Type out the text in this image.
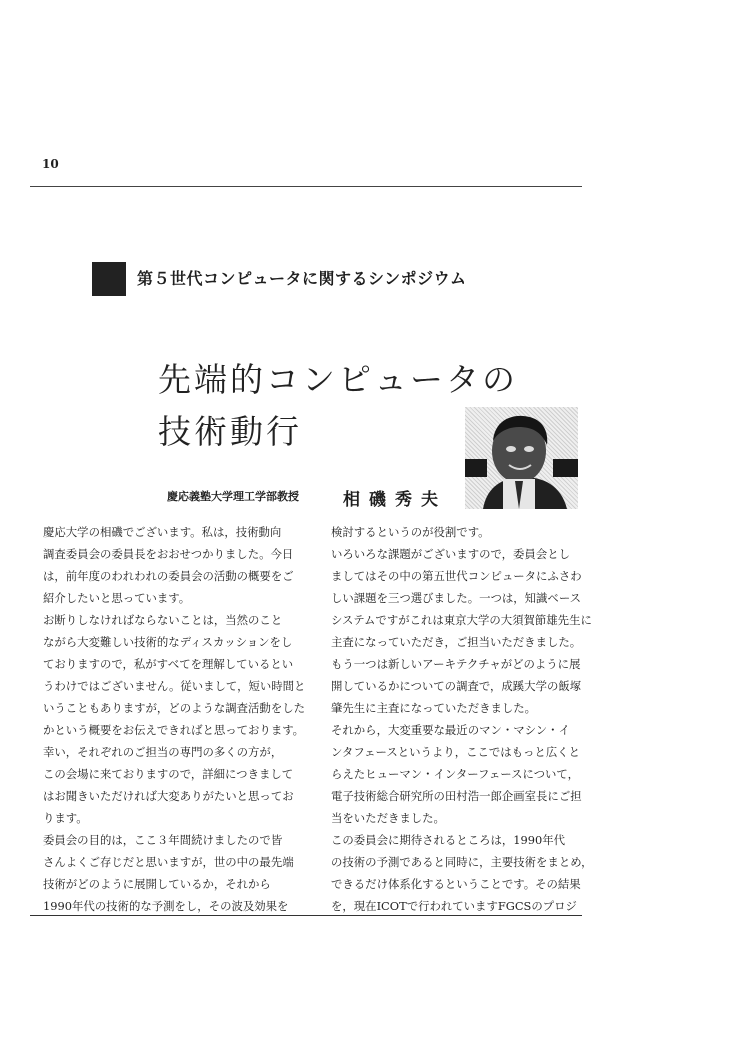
10
第５世代コンピュータに関するシンポジウム
先端的コンピュータの
技術動行
慶応義塾大学理工学部教授	相磯秀夫
慶応大学の相磯でございます。私は，技術動向
調査委員会の委員長をおおせつかりました。今日
は，前年度のわれわれの委員会の活動の概要をご
紹介したいと思っています。
お断りしなければならないことは，当然のこと
ながら大変難しい技術的なディスカッションをし
ておりますので，私がすべてを理解しているとい
うわけではございません。従いまして，短い時間と
いうこともありますが，どのような調査活動をした
かという概要をお伝えできればと思っております。
幸い，それぞれのご担当の専門の多くの方が，
この会場に来ておりますので，詳細につきまして
はお聞きいただければ大変ありがたいと思ってお
ります。
委員会の目的は，ここ３年間続けましたので皆
さんよくご存じだと思いますが，世の中の最先端
技術がどのように展開しているか，それから
1990年代の技術的な予測をし，その波及効果を
検討するというのが役割です。
いろいろな課題がございますので，委員会とし
ましてはその中の第五世代コンピュータにふさわ
しい課題を三つ選びました。一つは，知識ベース
システムですがこれは東京大学の大須賀節雄先生に
主査になっていただき，ご担当いただきました。
もう一つは新しいアーキテクチャがどのように展
開しているかについての調査で，成蹊大学の飯塚
肇先生に主査になっていただきました。
それから，大変重要な最近のマン・マシン・イ
ンタフェースというより，ここではもっと広くと
らえたヒューマン・インターフェースについて，
電子技術総合研究所の田村浩一郎企画室長にご担
当をいただきました。
この委員会に期待されるところは，1990年代
の技術の予測であると同時に，主要技術をまとめ，
できるだけ体系化するということです。その結果
を，現在ICOTで行われていますFGCSのプロジ
